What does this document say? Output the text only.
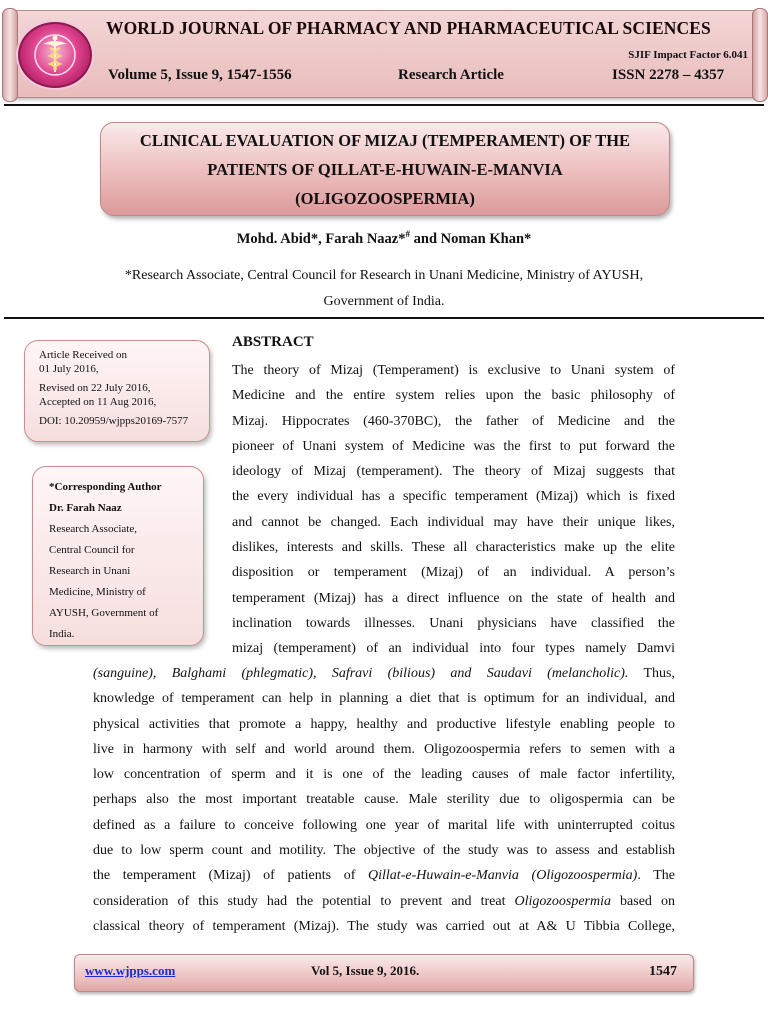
WORLD JOURNAL OF PHARMACY AND PHARMACEUTICAL SCIENCES
SJIF Impact Factor 6.041
Volume 5, Issue 9, 1547-1556	Research Article	ISSN 2278 – 4357
CLINICAL EVALUATION OF MIZAJ (TEMPERAMENT) OF THE
PATIENTS OF QILLAT-E-HUWAIN-E-MANVIA
(OLIGOZOOSPERMIA)
Mohd. Abid*, Farah Naaz*# and Noman Khan*
*Research Associate, Central Council for Research in Unani Medicine, Ministry of AYUSH,
Government of India.
Article Received on
01 July 2016,
Revised on 22 July 2016,
Accepted on 11 Aug 2016,
DOI: 10.20959/wjpps20169-7577
*Corresponding Author
Dr. Farah Naaz
Research Associate,
Central Council for
Research in Unani
Medicine, Ministry of
AYUSH, Government of
India.
ABSTRACT
The theory of Mizaj (Temperament) is exclusive to Unani system of
Medicine and the entire system relies upon the basic philosophy of
Mizaj. Hippocrates (460-370BC), the father of Medicine and the
pioneer of Unani system of Medicine was the first to put forward the
ideology of Mizaj (temperament). The theory of Mizaj suggests that
the every individual has a specific temperament (Mizaj) which is fixed
and cannot be changed. Each individual may have their unique likes,
dislikes, interests and skills. These all characteristics make up the elite
disposition or temperament (Mizaj) of an individual. A person’s
temperament (Mizaj) has a direct influence on the state of health and
inclination towards illnesses. Unani physicians have classified the
mizaj (temperament) of an individual into four types namely Damvi
(sanguine), Balghami (phlegmatic), Safravi (bilious) and Saudavi (melancholic). Thus,
knowledge of temperament can help in planning a diet that is optimum for an individual, and
physical activities that promote a happy, healthy and productive lifestyle enabling people to
live in harmony with self and world around them. Oligozoospermia refers to semen with a
low concentration of sperm and it is one of the leading causes of male factor infertility,
perhaps also the most important treatable cause. Male sterility due to oligospermia can be
defined as a failure to conceive following one year of marital life with uninterrupted coitus
due to low sperm count and motility. The objective of the study was to assess and establish
the temperament (Mizaj) of patients of Qillat-e-Huwain-e-Manvia (Oligozoospermia). The
consideration of this study had the potential to prevent and treat Oligozoospermia based on
classical theory of temperament (Mizaj). The study was carried out at A& U Tibbia College,
www.wjpps.com	Vol 5, Issue 9, 2016.	1547
